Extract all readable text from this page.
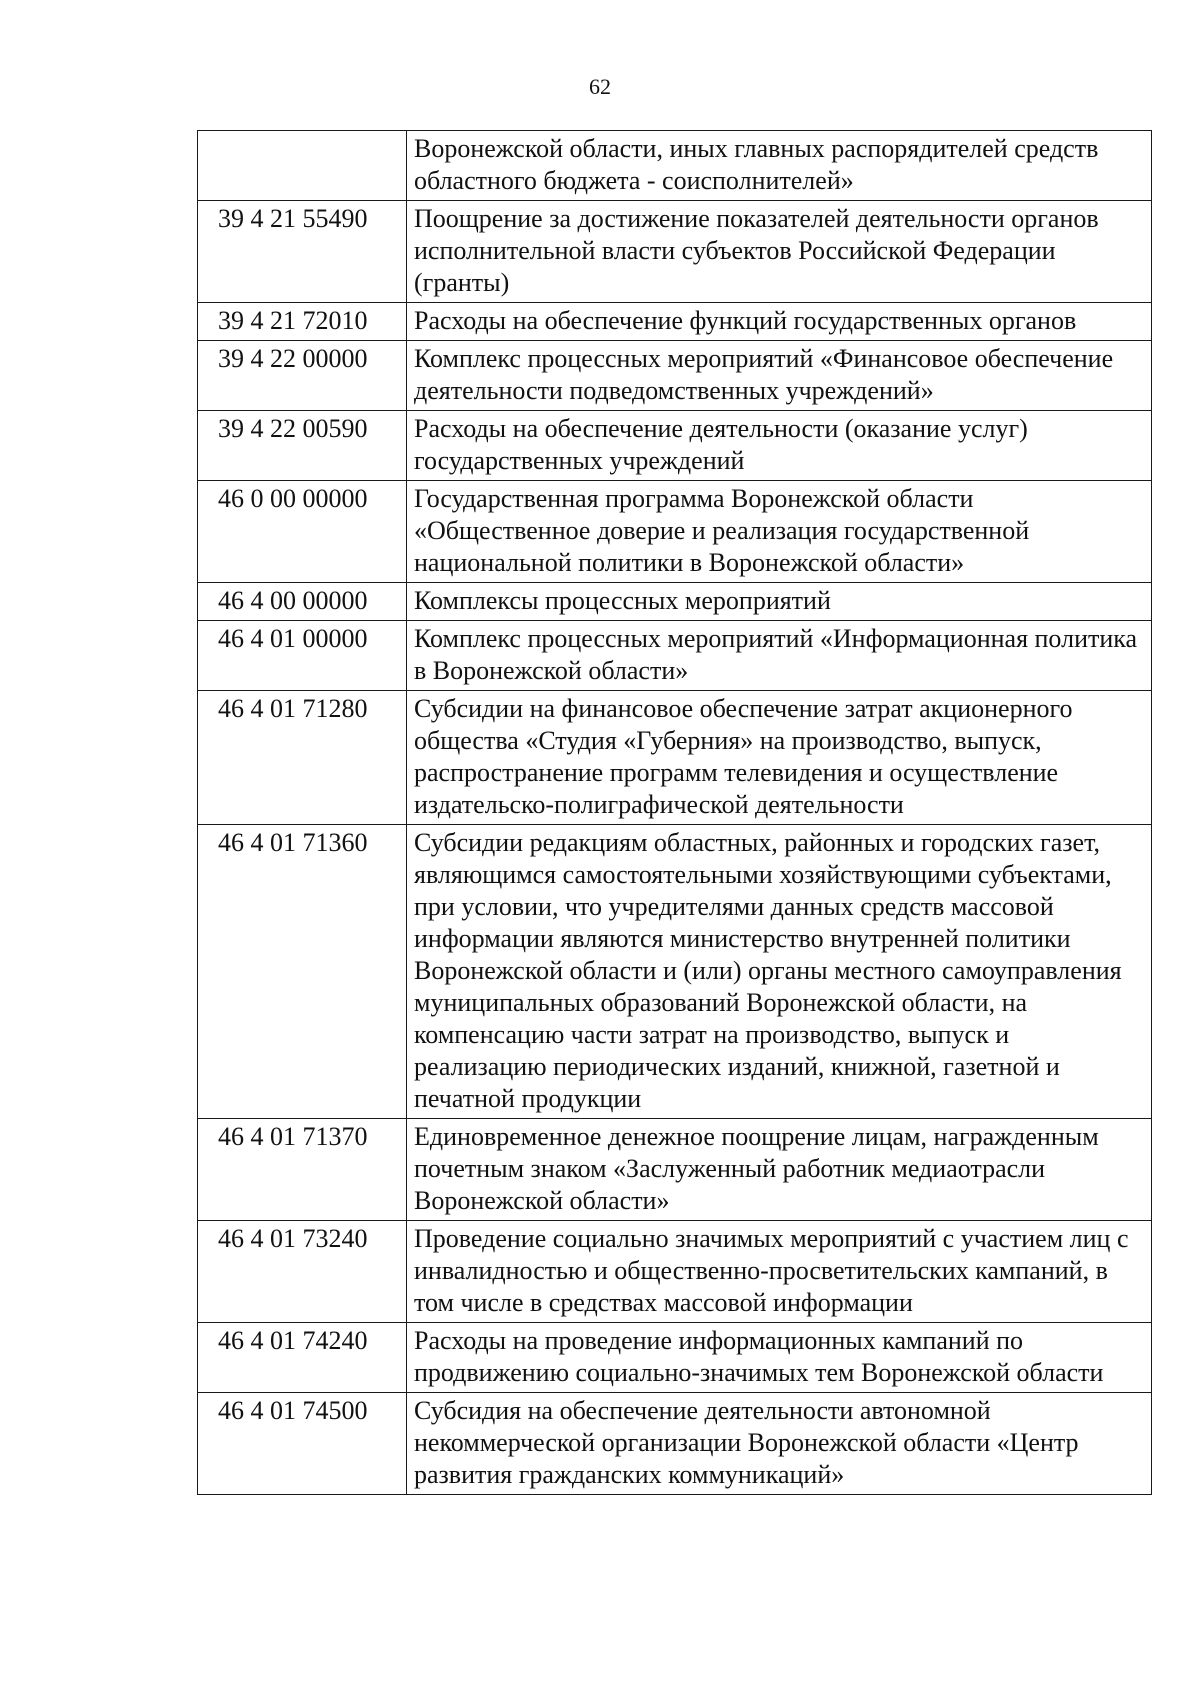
62
	Воронежской области, иных главных распорядителей средств областного бюджета - соисполнителей»
39 4 21 55490	Поощрение за достижение показателей деятельности органов исполнительной власти субъектов Российской Федерации (гранты)
39 4 21 72010	Расходы на обеспечение функций государственных органов
39 4 22 00000	Комплекс процессных мероприятий «Финансовое обеспечение деятельности подведомственных учреждений»
39 4 22 00590	Расходы на обеспечение деятельности (оказание услуг) государственных учреждений
46 0 00 00000	Государственная программа Воронежской области «Общественное доверие и реализация государственной национальной политики в Воронежской области»
46 4 00 00000	Комплексы процессных мероприятий
46 4 01 00000	Комплекс процессных мероприятий «Информационная политика в Воронежской области»
46 4 01 71280	Субсидии на финансовое обеспечение затрат акционерного общества «Студия «Губерния» на производство, выпуск, распространение программ телевидения и осуществление издательско-полиграфической деятельности
46 4 01 71360	Субсидии редакциям областных, районных и городских газет, являющимся самостоятельными хозяйствующими субъектами, при условии, что учредителями данных средств массовой информации являются министерство внутренней политики Воронежской области и (или) органы местного самоуправления муниципальных образований Воронежской области, на компенсацию части затрат на производство, выпуск и реализацию периодических изданий, книжной, газетной и печатной продукции
46 4 01 71370	Единовременное денежное поощрение лицам, награжденным почетным знаком «Заслуженный работник медиаотрасли Воронежской области»
46 4 01 73240	Проведение социально значимых мероприятий с участием лиц с инвалидностью и общественно-просветительских кампаний, в том числе в средствах массовой информации
46 4 01 74240	Расходы на проведение информационных кампаний по продвижению социально-значимых тем Воронежской области
46 4 01 74500	Субсидия на обеспечение деятельности автономной некоммерческой организации Воронежской области «Центр развития гражданских коммуникаций»
